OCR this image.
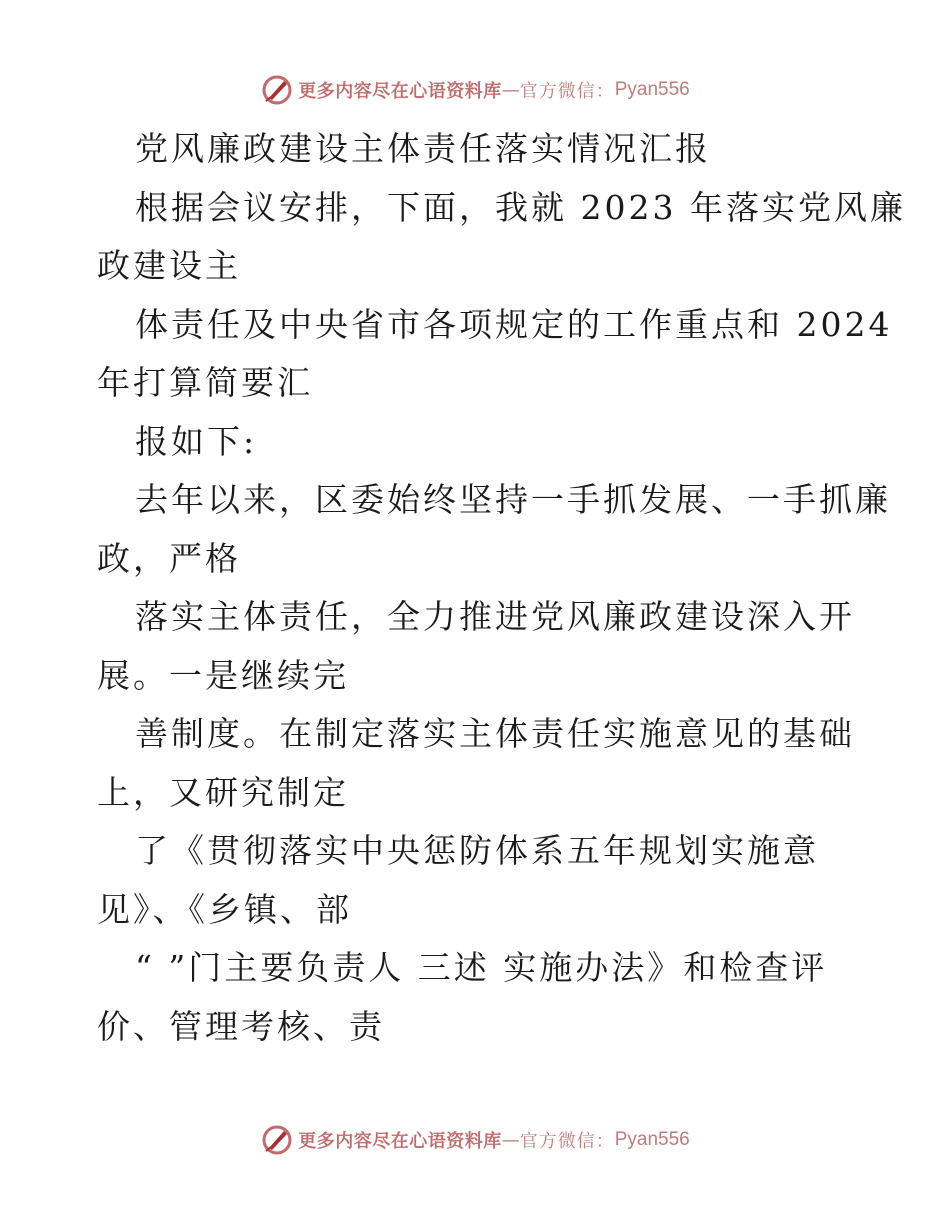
更多内容尽在心语资料库 — 官方微信： Pyan556
党风廉政建设主体责任落实情况汇报
根据会议安排，下面，我就 2023 年落实党风廉
政建设主
体责任及中央省市各项规定的工作重点和 2024
年打算简要汇
报如下:
去年以来，区委始终坚持一手抓发展、一手抓廉
政，严格
落实主体责任，全力推进党风廉政建设深入开
展。一是继续完
善制度。在制定落实主体责任实施意见的基础
上，又研究制定
了《贯彻落实中央惩防体系五年规划实施意
见》、《乡镇、部
“ ”门主要负责人 三述 实施办法》和检查评
价、管理考核、责
更多内容尽在心语资料库 — 官方微信： Pyan556
